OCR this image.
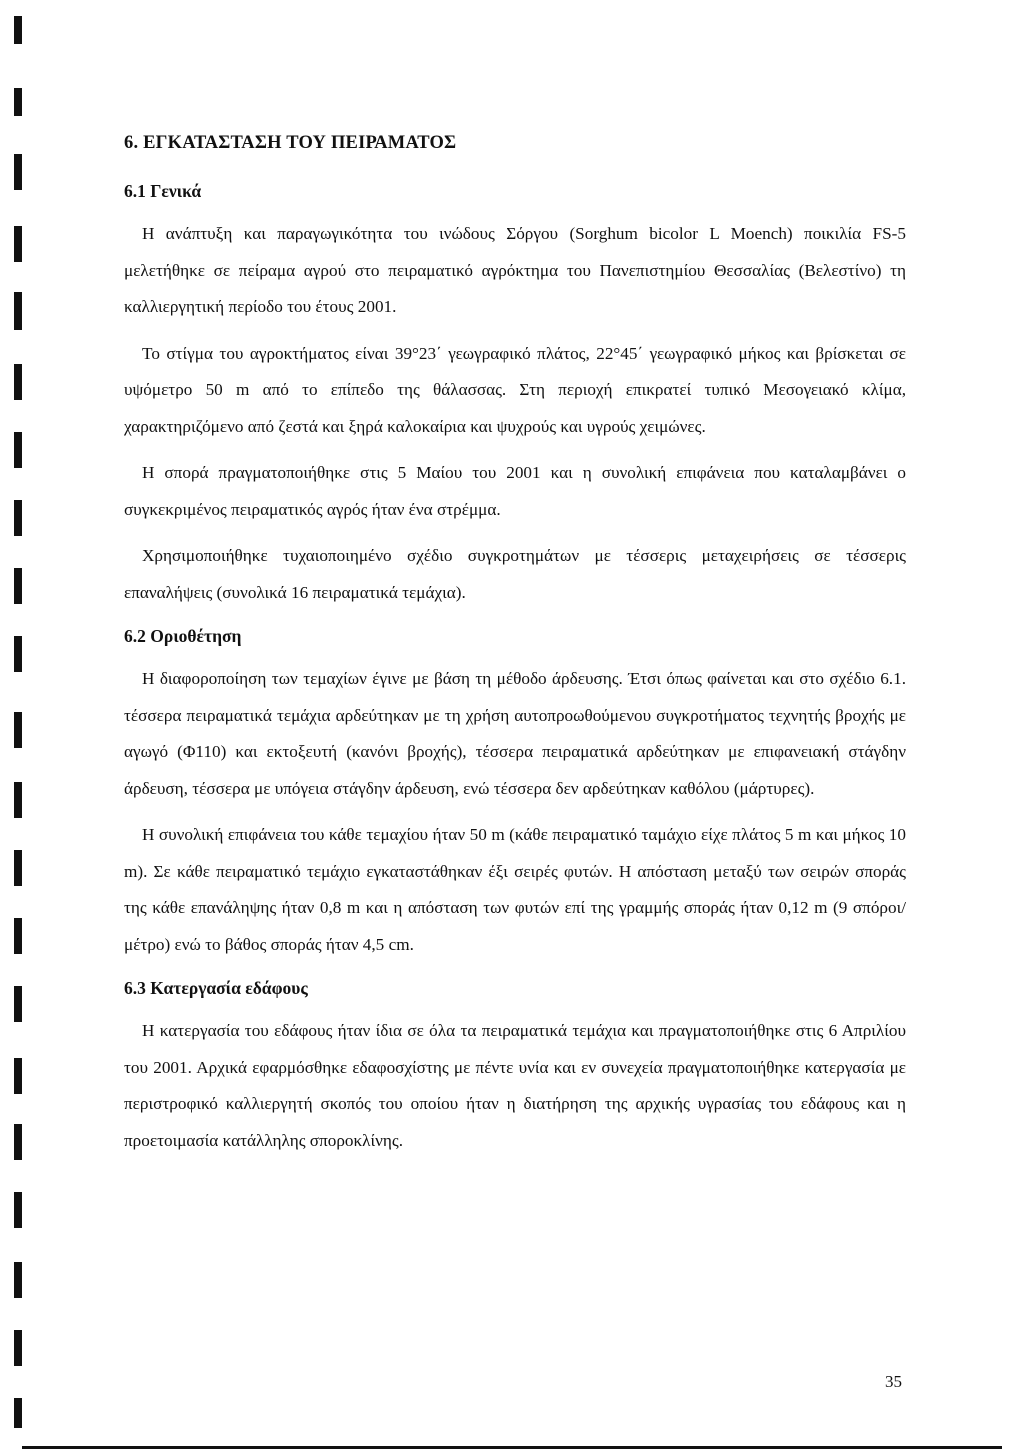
6. ΕΓΚΑΤΑΣΤΑΣΗ ΤΟΥ ΠΕΙΡΑΜΑΤΟΣ
6.1 Γενικά

Η ανάπτυξη και παραγωγικότητα του ινώδους Σόργου (Sorghum bicolor L Moench) ποικιλία FS-5 μελετήθηκε σε πείραμα αγρού στο πειραματικό αγρόκτημα του Πανεπιστημίου Θεσσαλίας (Βελεστίνο) τη καλλιεργητική περίοδο του έτους 2001.

Το στίγμα του αγροκτήματος είναι 39°23΄ γεωγραφικό πλάτος, 22°45΄ γεωγραφικό μήκος και βρίσκεται σε υψόμετρο 50 m από το επίπεδο της θάλασσας. Στη περιοχή επικρατεί τυπικό Μεσογειακό κλίμα, χαρακτηριζόμενο από ζεστά και ξηρά καλοκαίρια και ψυχρούς και υγρούς χειμώνες.

Η σπορά πραγματοποιήθηκε στις 5 Μαίου του 2001 και η συνολική επιφάνεια που καταλαμβάνει ο συγκεκριμένος πειραματικός αγρός ήταν ένα στρέμμα.

Χρησιμοποιήθηκε τυχαιοποιημένο σχέδιο συγκροτημάτων με τέσσερις μεταχειρήσεις σε τέσσερις επαναλήψεις (συνολικά 16 πειραματικά τεμάχια).

6.2 Οριοθέτηση

Η διαφοροποίηση των τεμαχίων έγινε με βάση τη μέθοδο άρδευσης. Έτσι όπως φαίνεται και στο σχέδιο 6.1. τέσσερα πειραματικά τεμάχια αρδεύτηκαν με τη χρήση αυτοπροωθούμενου συγκροτήματος τεχνητής βροχής με αγωγό (Φ110) και εκτοξευτή (κανόνι βροχής), τέσσερα πειραματικά αρδεύτηκαν με επιφανειακή στάγδην άρδευση, τέσσερα με υπόγεια στάγδην άρδευση, ενώ τέσσερα δεν αρδεύτηκαν καθόλου (μάρτυρες).

Η συνολική επιφάνεια του κάθε τεμαχίου ήταν 50 m (κάθε πειραματικό ταμάχιο είχε πλάτος 5 m και μήκος 10 m). Σε κάθε πειραματικό τεμάχιο εγκαταστάθηκαν έξι σειρές φυτών. Η απόσταση μεταξύ των σειρών σποράς της κάθε επανάληψης ήταν 0,8 m και η απόσταση των φυτών επί της γραμμής σποράς ήταν 0,12 m (9 σπόροι/μέτρο) ενώ το βάθος σποράς ήταν 4,5 cm.

6.3 Κατεργασία εδάφους

Η κατεργασία του εδάφους ήταν ίδια σε όλα τα πειραματικά τεμάχια και πραγματοποιήθηκε στις 6 Απριλίου του 2001. Αρχικά εφαρμόσθηκε εδαφοσχίστης με πέντε υνία και εν συνεχεία πραγματοποιήθηκε κατεργασία με περιστροφικό καλλιεργητή σκοπός του οποίου ήταν η διατήρηση της αρχικής υγρασίας του εδάφους και η προετοιμασία κατάλληλης σποροκλίνης.

35
